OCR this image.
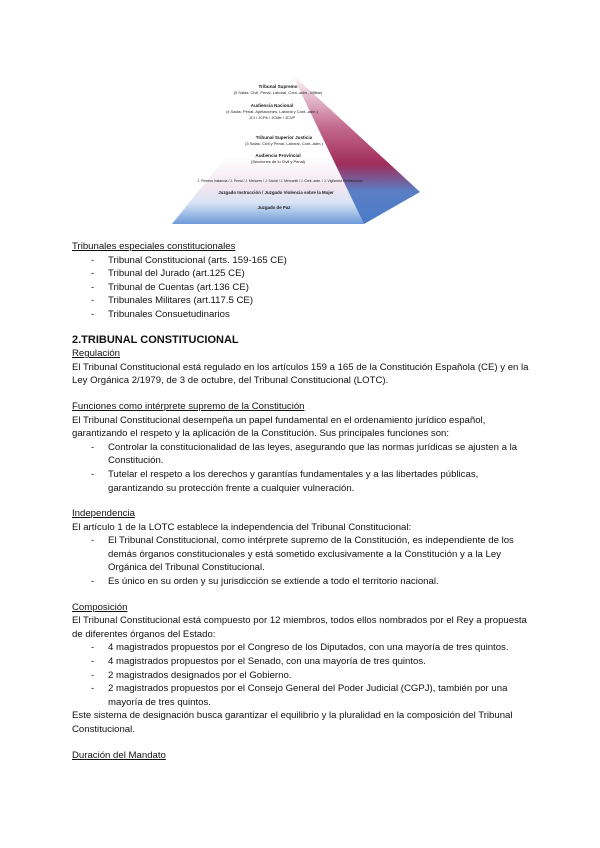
Tribunal Supremo
(5 Salas: Civil, Penal, Laboral, Cont.-adm., Militar)
Audiencia Nacional
(4 Salas: Penal, Apelaciones, Laboral y Cont.-adm.)
JCI / JCPe / JCMe / JCVP
Tribunal Superior Justicia
(3 Salas: Civil y Penal, Laboral, Cont.-adm.)
Audiencia Provincial
(Secciones de lo Civil y Penal)
J. Primera Instancia / J. Penal / J. Menores / J. Social / J. Mercantil / J. Cont.-adm. / J. Vigilancia Penitenciaria
Juzgado Instrucción / Juzgado Violencia sobre la Mujer
Juzgado de Paz

Tribunales especiales constitucionales

- Tribunal Constitucional (arts. 159-165 CE)
- Tribunal del Jurado (art.125 CE)
- Tribunal de Cuentas (art.136 CE)
- Tribunales Militares (art.117.5 CE)
- Tribunales Consuetudinarios

2.TRIBUNAL CONSTITUCIONAL

Regulación

El Tribunal Constitucional está regulado en los artículos 159 a 165 de la Constitución Española (CE) y en la Ley Orgánica 2/1979, de 3 de octubre, del Tribunal Constitucional (LOTC).

Funciones como intérprete supremo de la Constitución

El Tribunal Constitucional desempeña un papel fundamental en el ordenamiento jurídico español, garantizando el respeto y la aplicación de la Constitución. Sus principales funciones son:

- Controlar la constitucionalidad de las leyes, asegurando que las normas jurídicas se ajusten a la Constitución.
- Tutelar el respeto a los derechos y garantías fundamentales y a las libertades públicas, garantizando su protección frente a cualquier vulneración.

Independencia

El artículo 1 de la LOTC establece la independencia del Tribunal Constitucional:

- El Tribunal Constitucional, como intérprete supremo de la Constitución, es independiente de los demás órganos constitucionales y está sometido exclusivamente a la Constitución y a la Ley Orgánica del Tribunal Constitucional.
- Es único en su orden y su jurisdicción se extiende a todo el territorio nacional.

Composición

El Tribunal Constitucional está compuesto por 12 miembros, todos ellos nombrados por el Rey a propuesta de diferentes órganos del Estado:

- 4 magistrados propuestos por el Congreso de los Diputados, con una mayoría de tres quintos.
- 4 magistrados propuestos por el Senado, con una mayoría de tres quintos.
- 2 magistrados designados por el Gobierno.
- 2 magistrados propuestos por el Consejo General del Poder Judicial (CGPJ), también por una mayoría de tres quintos.

Este sistema de designación busca garantizar el equilibrio y la pluralidad en la composición del Tribunal Constitucional.

Duración del Mandato
